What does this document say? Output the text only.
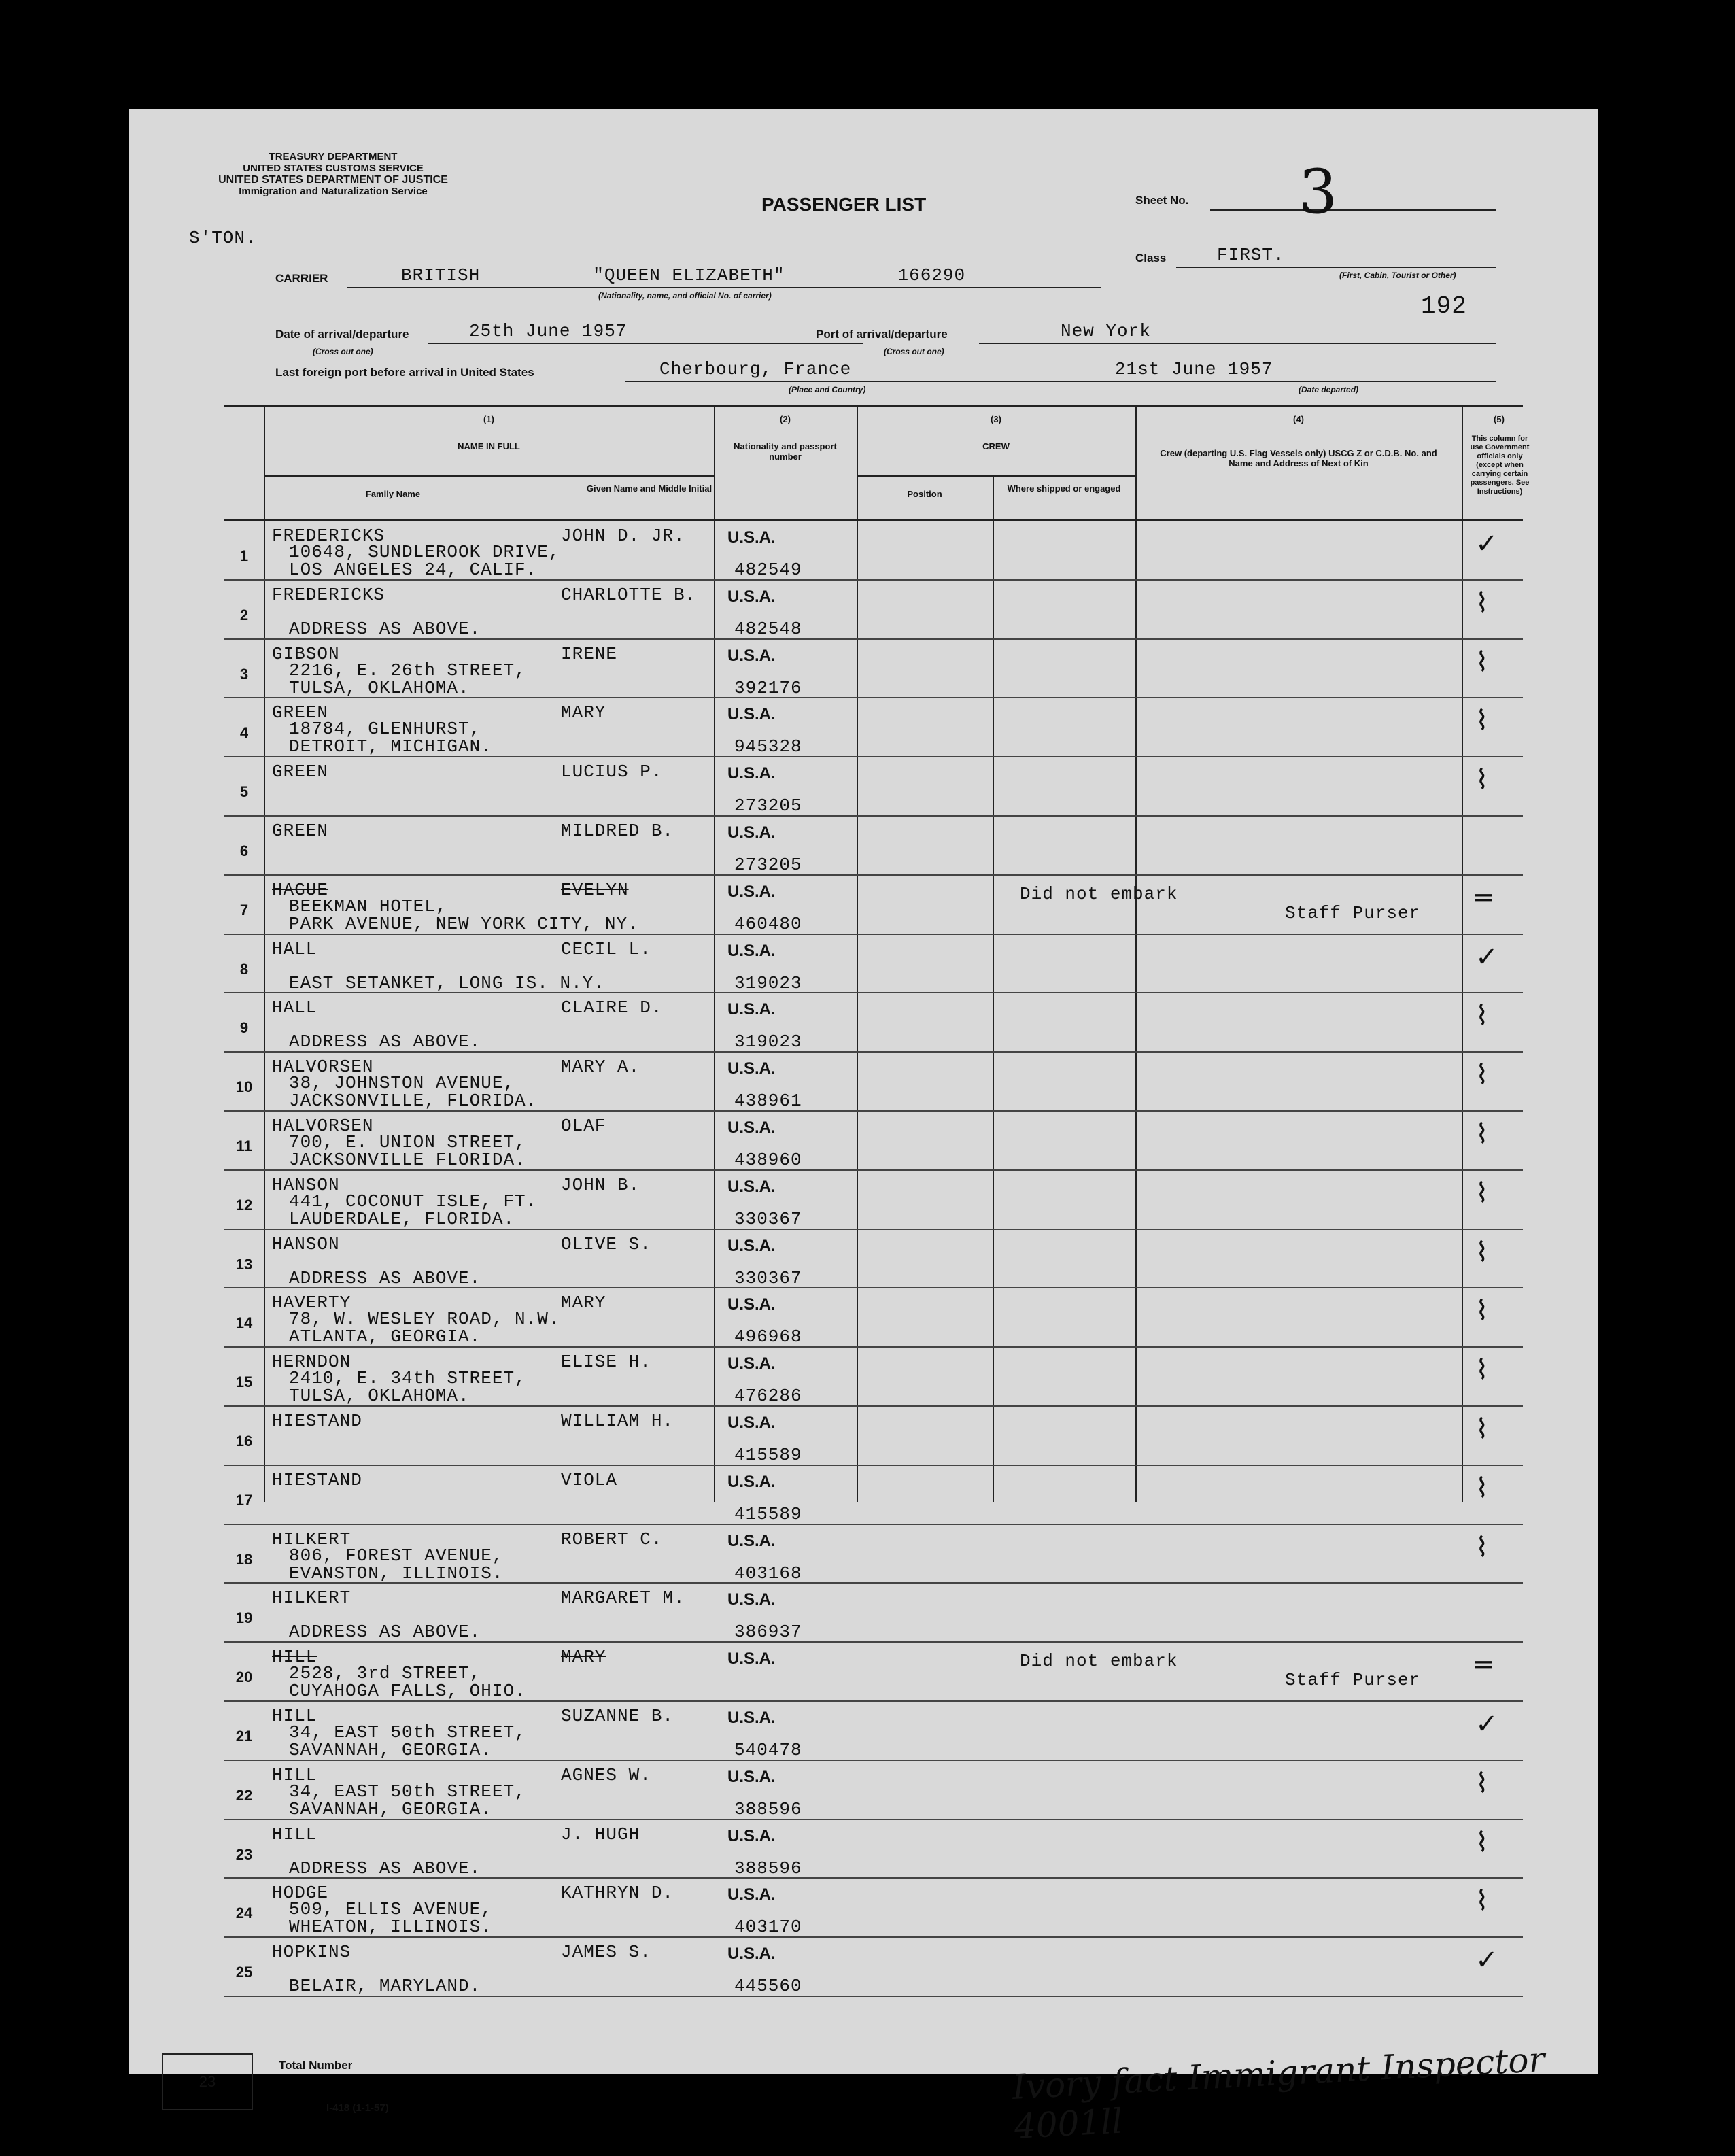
TREASURY DEPARTMENT
UNITED STATES CUSTOMS SERVICE
UNITED STATES DEPARTMENT OF JUSTICE
Immigration and Naturalization Service
PASSENGER LIST	Sheet No. 3
S'TON.
CARRIER	BRITISH          "QUEEN ELIZABETH"          166290
(Nationality, name, and official No. of carrier)
Class	FIRST.
(First, Cabin, Tourist or Other)
192
Date of arrival/departure	25th June 1957
(Cross out one)
Port of arrival/departure	New York
(Cross out one)
Last foreign port before arrival in United States	Cherbourg, France
(Place and Country)
21st June 1957
(Date departed)
(1)
NAME IN FULL
Family Name
Given Name and Middle Initial
(2)
Nationality and passport number
(3)
CREW
Position
Where shipped or engaged
(4)
Crew (departing U.S. Flag Vessels only) USCG Z or C.D.B. No. and Name and Address of Next of Kin
(5)
This column for use Government officials only (except when carrying certain passengers. See Instructions)
1
FREDERICKS	JOHN D. JR.
10648, SUNDLEROOK DRIVE,
LOS ANGELES 24, CALIF.
U.S.A.
482549
✓
2
FREDERICKS	CHARLOTTE B.
ADDRESS AS ABOVE.
U.S.A.
482548
⌇
3
GIBSON	IRENE
2216, E. 26th STREET,
TULSA, OKLAHOMA.
U.S.A.
392176
⌇
4
GREEN	MARY
18784, GLENHURST,
DETROIT, MICHIGAN.
U.S.A.
945328
⌇
5
GREEN	LUCIUS P.	U.S.A.
273205
⌇
6
GREEN	MILDRED B.	U.S.A.
273205
7
HAGUE	EVELYN
BEEKMAN HOTEL,
PARK AVENUE, NEW YORK CITY, NY.
U.S.A.
460480
═
Did not embark
Staff Purser
8
HALL	CECIL L.
EAST SETANKET, LONG IS. N.Y.
U.S.A.
319023
✓
9
HALL	CLAIRE D.
ADDRESS AS ABOVE.
U.S.A.
319023
⌇
10
HALVORSEN	MARY A.
38, JOHNSTON AVENUE,
JACKSONVILLE, FLORIDA.
U.S.A.
438961
⌇
11
HALVORSEN	OLAF
700, E. UNION STREET,
JACKSONVILLE FLORIDA.
U.S.A.
438960
⌇
12
HANSON	JOHN B.
441, COCONUT ISLE, FT.
LAUDERDALE, FLORIDA.
U.S.A.
330367
⌇
13
HANSON	OLIVE S.
ADDRESS AS ABOVE.
U.S.A.
330367
⌇
14
HAVERTY	MARY
78, W. WESLEY ROAD, N.W.
ATLANTA, GEORGIA.
U.S.A.
496968
⌇
15
HERNDON	ELISE H.
2410, E. 34th STREET,
TULSA, OKLAHOMA.
U.S.A.
476286
⌇
16
HIESTAND	WILLIAM H.	U.S.A.
415589
⌇
17
HIESTAND	VIOLA	U.S.A.
415589
⌇
18
HILKERT	ROBERT C.
806, FOREST AVENUE,
EVANSTON, ILLINOIS.
U.S.A.
403168
⌇
19
HILKERT	MARGARET M.
ADDRESS AS ABOVE.
U.S.A.
386937
20
HILL	MARY
2528, 3rd STREET,
CUYAHOGA FALLS, OHIO.
U.S.A.	═
Did not embark
Staff Purser
21
HILL	SUZANNE B.
34, EAST 50th STREET,
SAVANNAH, GEORGIA.
U.S.A.
540478
✓
22
HILL	AGNES W.
34, EAST 50th STREET,
SAVANNAH, GEORGIA.
U.S.A.
388596
⌇
23
HILL	J. HUGH
ADDRESS AS ABOVE.
U.S.A.
388596
⌇
24
HODGE	KATHRYN D.
509, ELLIS AVENUE,
WHEATON, ILLINOIS.
U.S.A.
403170
⌇
25
HOPKINS	JAMES S.
BELAIR, MARYLAND.
U.S.A.
445560
✓
23
Total Number
I-418 (1-1-57)
Ivory fact Immigrant Inspector 4001ll
